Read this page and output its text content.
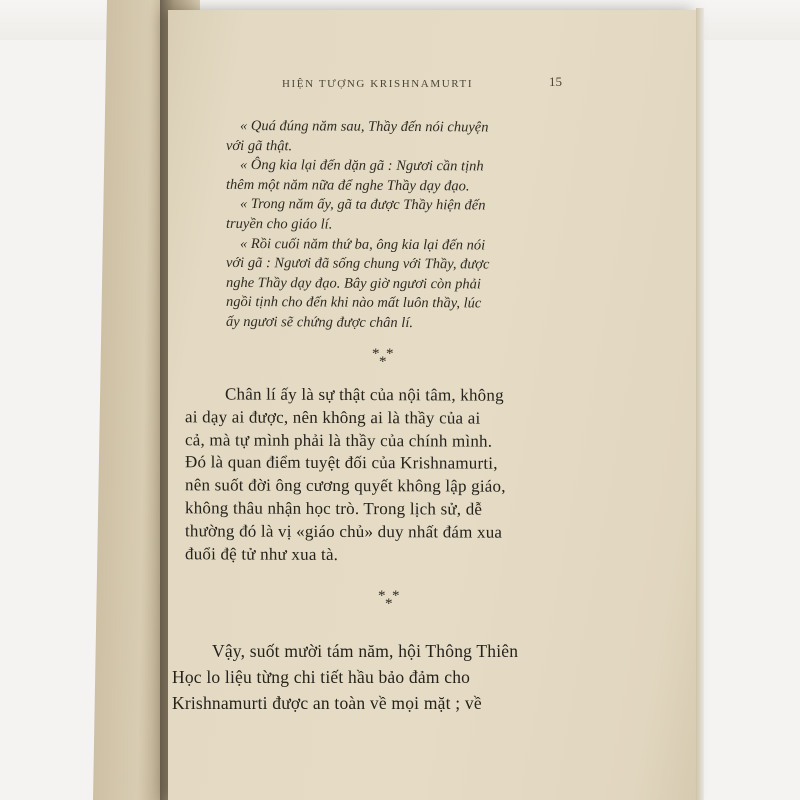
HIỆN TƯỢNG KRISHNAMURTI	15

« Quá đúng năm sau, Thầy đến nói chuyện

với gã thật.

« Ông kia lại đến dặn gã : Ngươi cần tịnh

thêm một năm nữa để nghe Thầy dạy đạo.

« Trong năm ấy, gã ta được Thầy hiện đến

truyền cho giáo lí.

« Rồi cuối năm thứ ba, ông kia lại đến nói

với gã : Ngươi đã sống chung với Thầy, được

nghe Thầy dạy đạo. Bây giờ ngươi còn phải

ngồi tịnh cho đến khi nào mất luôn thầy, lúc

ấy ngươi sẽ chứng được chân lí.

* *
*

Chân lí ấy là sự thật của nội tâm, không

ai dạy ai được, nên không ai là thầy của ai

cả, mà tự mình phải là thầy của chính mình.

Đó là quan điểm tuyệt đối của Krishnamurti,

nên suốt đời ông cương quyết không lập giáo,

không thâu nhận học trò. Trong lịch sử, dễ

thường đó là vị «giáo chủ» duy nhất đám xua

đuổi đệ tử như xua tà.

* *
*

Vậy, suốt mười tám năm, hội Thông Thiên

Học lo liệu từng chi tiết hầu bảo đảm cho

Krishnamurti được an toàn về mọi mặt ; về
